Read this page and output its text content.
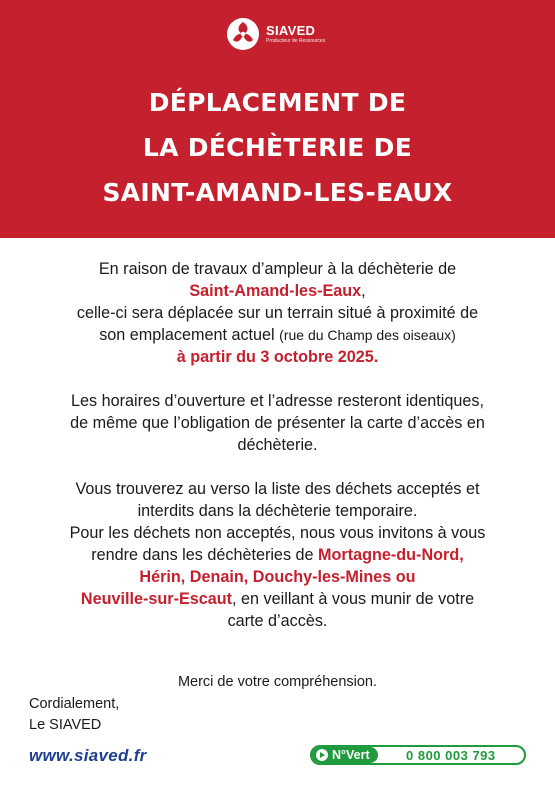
SIAVED
Producteur de Ressources
DÉPLACEMENT DE
LA DÉCHÈTERIE DE
SAINT-AMAND-LES-EAUX

En raison de travaux d’ampleur à la déchèterie de

Saint-Amand-les-Eaux,

celle-ci sera déplacée sur un terrain situé à proximité de

son emplacement actuel (rue du Champ des oiseaux)

à partir du 3 octobre 2025.

Les horaires d’ouverture et l’adresse resteront identiques,

de même que l’obligation de présenter la carte d’accès en

déchèterie.

Vous trouverez au verso la liste des déchets acceptés et

interdits dans la déchèterie temporaire.

Pour les déchets non acceptés, nous vous invitons à vous

rendre dans les déchèteries de Mortagne-du-Nord,

Hérin, Denain, Douchy-les-Mines ou

Neuville-sur-Escaut, en veillant à vous munir de votre

carte d’accès.

Merci de votre compréhension.
Cordialement,
Le SIAVED
www.siaved.fr	N°Vert	0 800 003 793
